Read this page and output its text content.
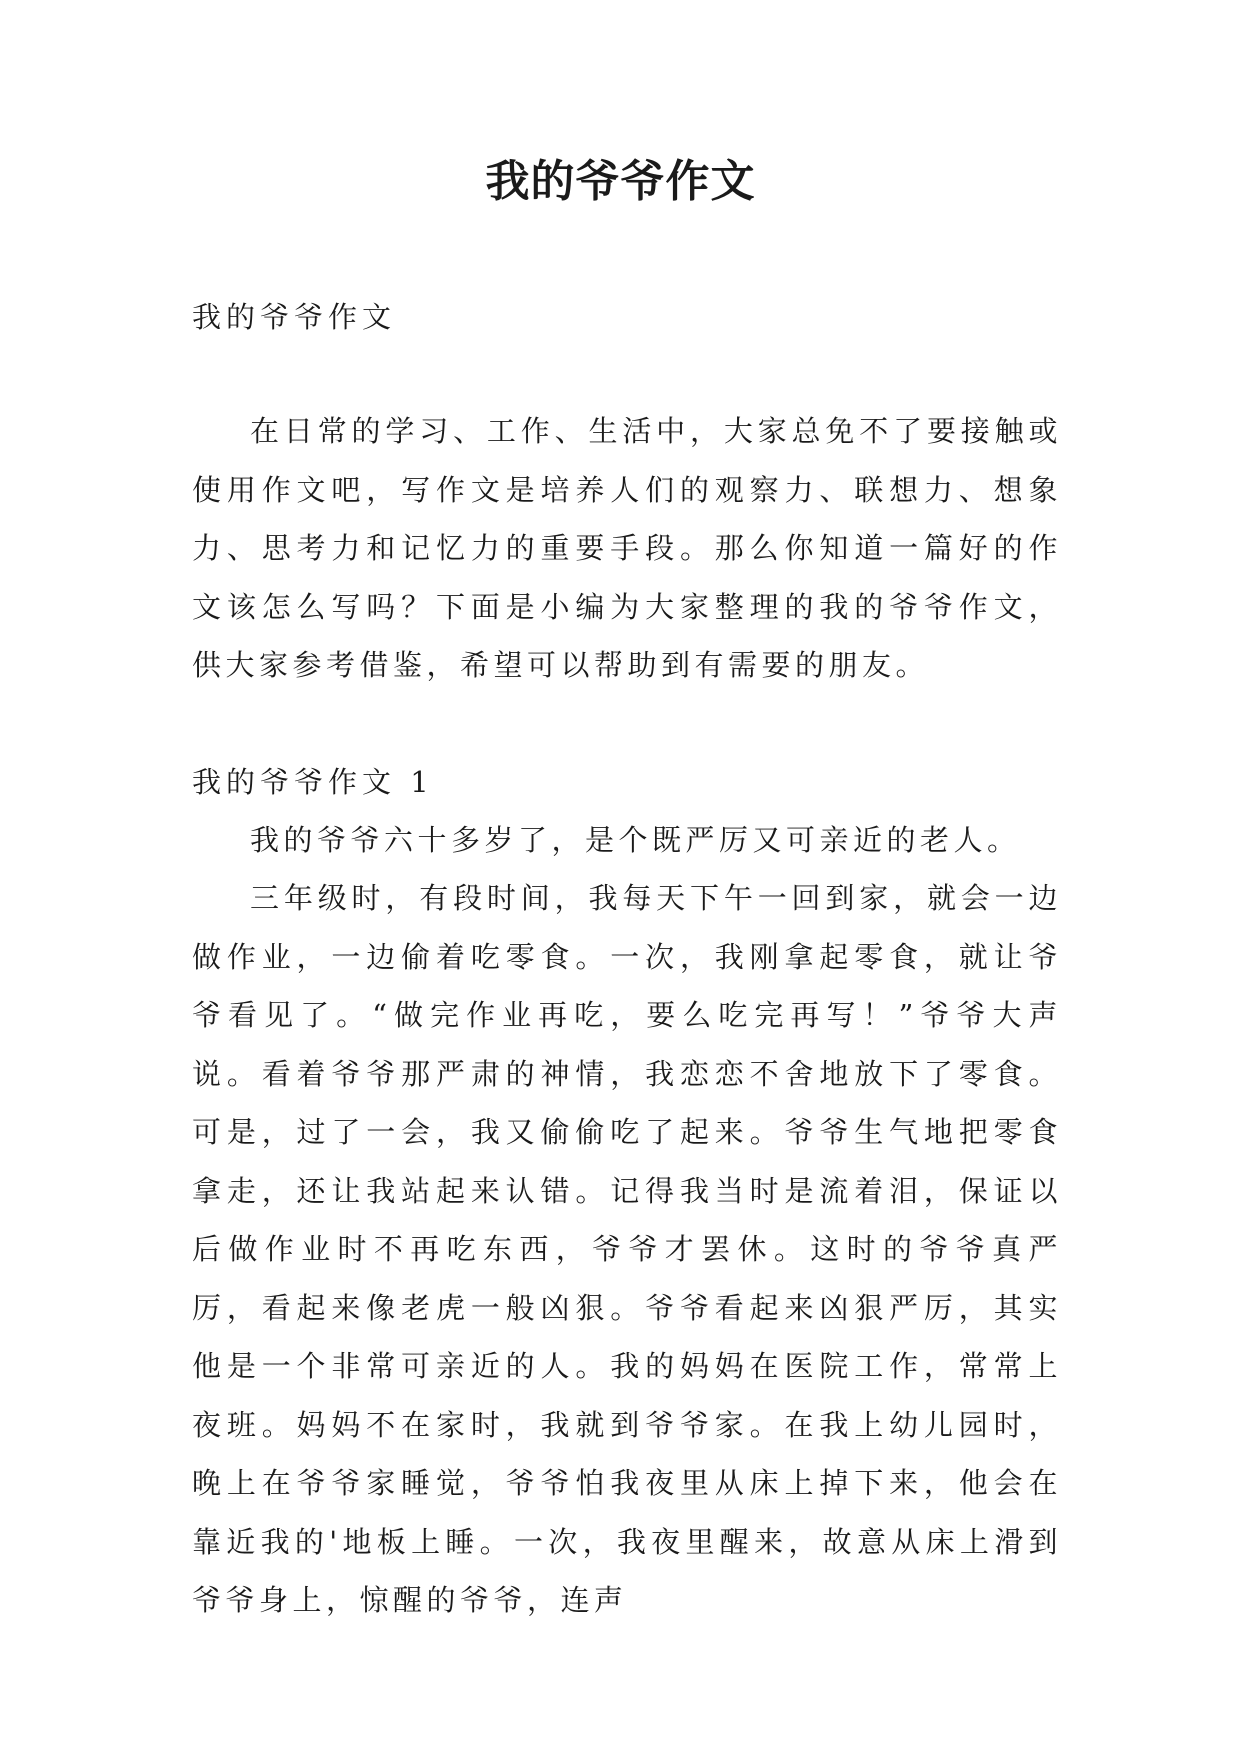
我的爷爷作文

我的爷爷作文

在日常的学习、工作、生活中，大家总免不了要接触或使用作文吧，写作文是培养人们的观察力、联想力、想象力、思考力和记忆力的重要手段。那么你知道一篇好的作文该怎么写吗？下面是小编为大家整理的我的爷爷作文，供大家参考借鉴，希望可以帮助到有需要的朋友。

我的爷爷作文 1

我的爷爷六十多岁了，是个既严厉又可亲近的老人。

三年级时，有段时间，我每天下午一回到家，就会一边做作业，一边偷着吃零食。一次，我刚拿起零食，就让爷爷看见了。“做完作业再吃，要么吃完再写！”爷爷大声说。看着爷爷那严肃的神情，我恋恋不舍地放下了零食。可是，过了一会，我又偷偷吃了起来。爷爷生气地把零食拿走，还让我站起来认错。记得我当时是流着泪，保证以后做作业时不再吃东西，爷爷才罢休。这时的爷爷真严厉，看起来像老虎一般凶狠。爷爷看起来凶狠严厉，其实他是一个非常可亲近的人。我的妈妈在医院工作，常常上夜班。妈妈不在家时，我就到爷爷家。在我上幼儿园时，晚上在爷爷家睡觉，爷爷怕我夜里从床上掉下来，他会在靠近我的'地板上睡。一次，我夜里醒来，故意从床上滑到爷爷身上，惊醒的爷爷，连声
